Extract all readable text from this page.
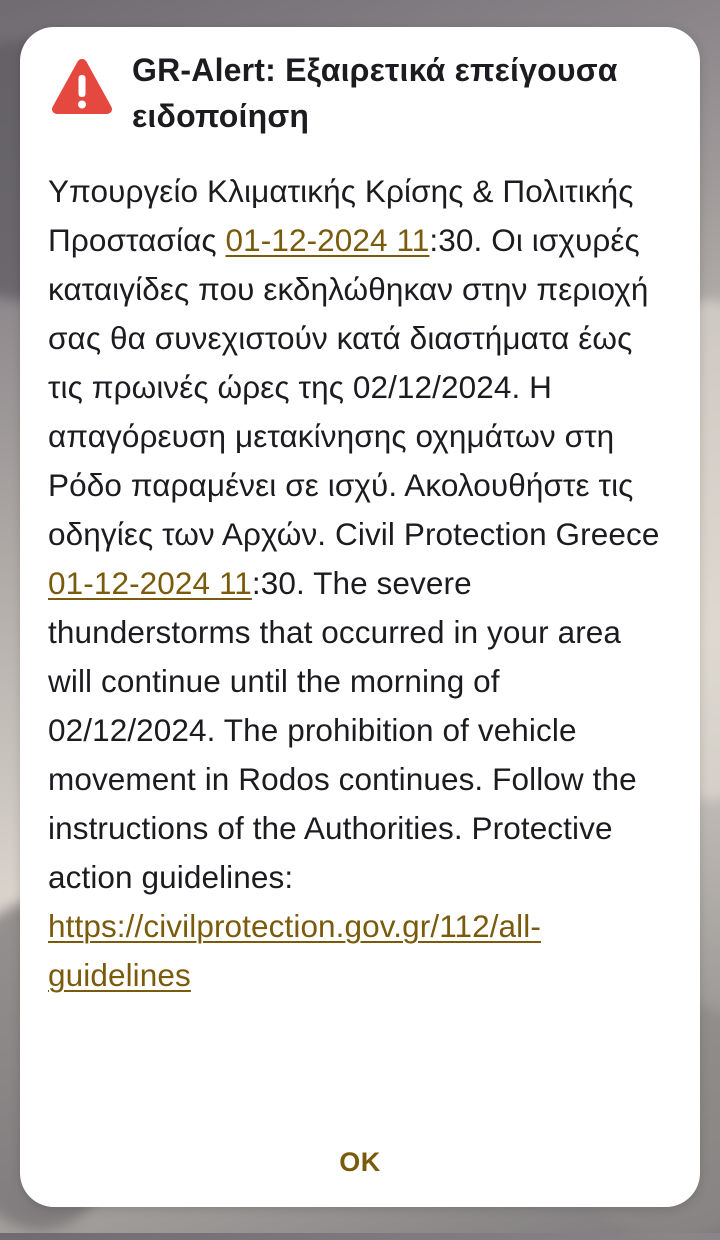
GR-Alert: Εξαιρετικά επείγουσα ειδοποίηση
Υπουργείο Κλιματικής Κρίσης & Πολιτικής Προστασίας 01-12-2024 11:30. Οι ισχυρές καταιγίδες που εκδηλώθηκαν στην περιοχή σας θα συνεχιστούν κατά διαστήματα έως τις πρωινές ώρες της 02/12/2024. Η απαγόρευση μετακίνησης οχημάτων στη Ρόδο παραμένει σε ισχύ. Ακολουθήστε τις οδηγίες των Αρχών. Civil Protection Greece 01-12-2024 11:30. The severe thunderstorms that occurred in your area will continue until the morning of 02/12/2024. The prohibition of vehicle movement in Rodos continues. Follow the instructions of the Authorities. Protective action guidelines: https://civilprotection.gov.gr/112/all-guidelines
OK
